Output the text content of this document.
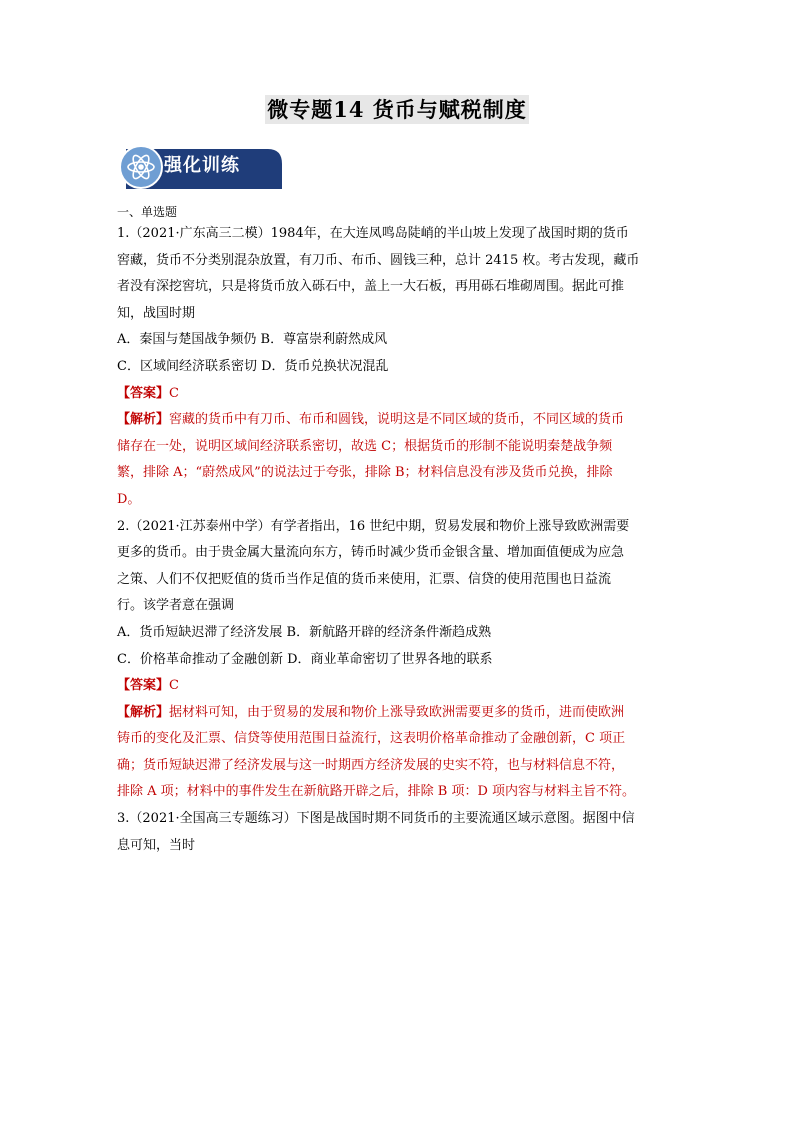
微专题14 货币与赋税制度
强化训练

一、单选题

1.（2021·广东高三二模）1984年，在大连凤鸣岛陡峭的半山坡上发现了战国时期的货币

窖藏，货币不分类别混杂放置，有刀币、布币、圆钱三种，总计 2415 枚。考古发现，藏币

者没有深挖窖坑，只是将货币放入砾石中，盖上一大石板，再用砾石堆砌周围。据此可推

知，战国时期

A．秦国与楚国战争频仍 B．尊富崇利蔚然成风

C．区域间经济联系密切 D．货币兑换状况混乱

【答案】C

【解析】窖藏的货币中有刀币、布币和圆钱，说明这是不同区域的货币，不同区域的货币

储存在一处，说明区域间经济联系密切，故选 C；根据货币的形制不能说明秦楚战争频

繁，排除 A；“蔚然成风”的说法过于夸张，排除 B；材料信息没有涉及货币兑换，排除

D。

2.（2021·江苏泰州中学）有学者指出，16 世纪中期，贸易发展和物价上涨导致欧洲需要

更多的货币。由于贵金属大量流向东方，铸币时减少货币金银含量、增加面值便成为应急

之策、人们不仅把贬值的货币当作足值的货币来使用，汇票、信贷的使用范围也日益流

行。该学者意在强调

A．货币短缺迟滞了经济发展 B．新航路开辟的经济条件渐趋成熟

C．价格革命推动了金融创新 D．商业革命密切了世界各地的联系

【答案】C

【解析】据材料可知，由于贸易的发展和物价上涨导致欧洲需要更多的货币，进而使欧洲

铸币的变化及汇票、信贷等使用范围日益流行，这表明价格革命推动了金融创新，C 项正

确；货币短缺迟滞了经济发展与这一时期西方经济发展的史实不符，也与材料信息不符，

排除 A 项；材料中的事件发生在新航路开辟之后，排除 B 项：D 项内容与材料主旨不符。

3.（2021·全国高三专题练习）下图是战国时期不同货币的主要流通区域示意图。据图中信

息可知，当时
